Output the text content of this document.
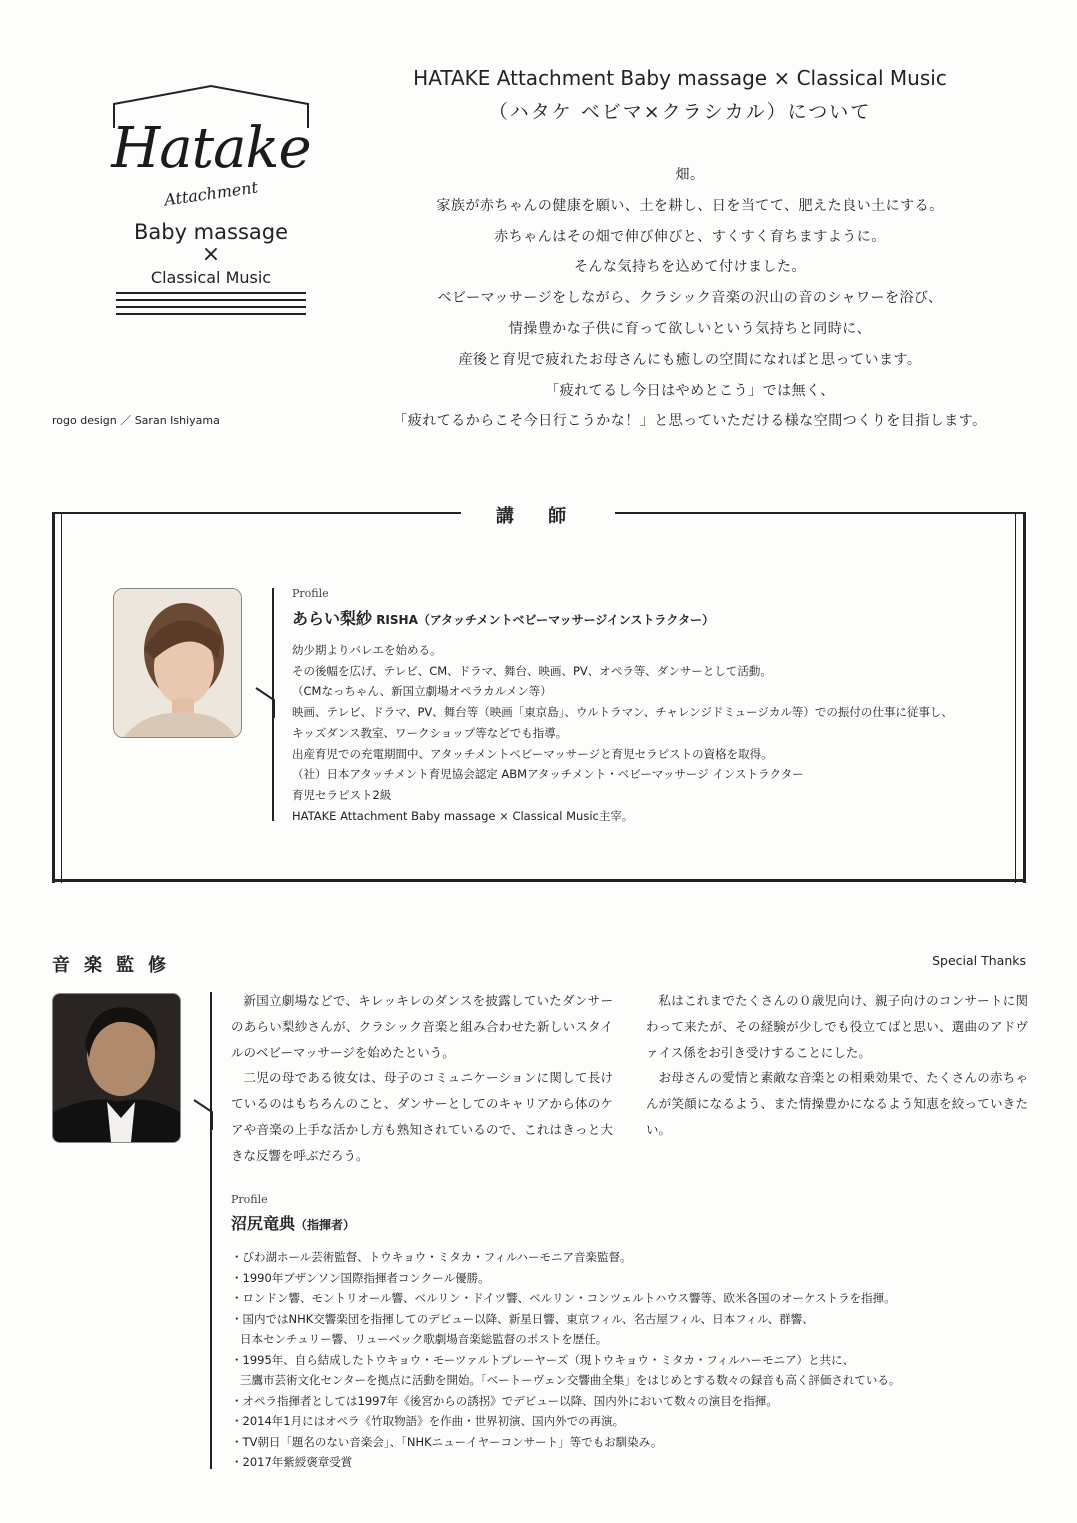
Hatake
Attachment
Baby massage
×
Classical Music
rogo design ／ Saran Ishiyama
HATAKE Attachment Baby massage × Classical Music
（ハタケ ベビマ×クラシカル）について
畑。
家族が赤ちゃんの健康を願い、土を耕し、日を当てて、肥えた良い土にする。
赤ちゃんはその畑で伸び伸びと、すくすく育ちますように。
そんな気持ちを込めて付けました。
ベビーマッサージをしながら、クラシック音楽の沢山の音のシャワーを浴び、
情操豊かな子供に育って欲しいという気持ちと同時に、
産後と育児で疲れたお母さんにも癒しの空間になればと思っています。
「疲れてるし今日はやめとこう」では無く、
「疲れてるからこそ今日行こうかな！」と思っていただける様な空間つくりを目指します。
講 師
Profile
あらい梨紗 RISHA（アタッチメントベビーマッサージインストラクター）
幼少期よりバレエを始める。
その後幅を広げ、テレビ、CM、ドラマ、舞台、映画、PV、オペラ等、ダンサーとして活動。
（CMなっちゃん、新国立劇場オペラカルメン等）
映画、テレビ、ドラマ、PV、舞台等（映画「東京島」、ウルトラマン、チャレンジドミュージカル等）での振付の仕事に従事し、
キッズダンス教室、ワークショップ等などでも指導。
出産育児での充電期間中、アタッチメントベビーマッサージと育児セラピストの資格を取得。
（社）日本アタッチメント育児協会認定 ABMアタッチメント・ベビーマッサージ インストラクター
育児セラピスト2級
HATAKE Attachment Baby massage × Classical Music主宰。
音楽監修	Special Thanks
新国立劇場などで、キレッキレのダンスを披露していたダンサーのあらい梨紗さんが、クラシック音楽と組み合わせた新しいスタイルのベビーマッサージを始めたという。
二児の母である彼女は、母子のコミュニケーションに関して長けているのはもちろんのこと、ダンサーとしてのキャリアから体のケアや音楽の上手な活かし方も熟知されているので、これはきっと大きな反響を呼ぶだろう。
私はこれまでたくさんの０歳児向け、親子向けのコンサートに関わって来たが、その経験が少しでも役立てばと思い、選曲のアドヴァイス係をお引き受けすることにした。
お母さんの愛情と素敵な音楽との相乗効果で、たくさんの赤ちゃんが笑顔になるよう、また情操豊かになるよう知恵を絞っていきたい。
Profile
沼尻竜典（指揮者）
・びわ湖ホール芸術監督、トウキョウ・ミタカ・フィルハーモニア音楽監督。
・1990年ブザンソン国際指揮者コンクール優勝。
・ロンドン響、モントリオール響、ベルリン・ドイツ響、ベルリン・コンツェルトハウス響等、欧米各国のオーケストラを指揮。
・国内ではNHK交響楽団を指揮してのデビュー以降、新星日響、東京フィル、名古屋フィル、日本フィル、群響、
日本センチュリー響、リューベック歌劇場音楽総監督のポストを歴任。
・1995年、自ら結成したトウキョウ・モーツァルトプレーヤーズ（現トウキョウ・ミタカ・フィルハーモニア）と共に、
三鷹市芸術文化センターを拠点に活動を開始。「ベートーヴェン交響曲全集」をはじめとする数々の録音も高く評価されている。
・オペラ指揮者としては1997年《後宮からの誘拐》でデビュー以降、国内外において数々の演目を指揮。
・2014年1月にはオペラ《竹取物語》を作曲・世界初演、国内外での再演。
・TV朝日「題名のない音楽会」、「NHKニューイヤーコンサート」等でもお馴染み。
・2017年紫綬褒章受賞
